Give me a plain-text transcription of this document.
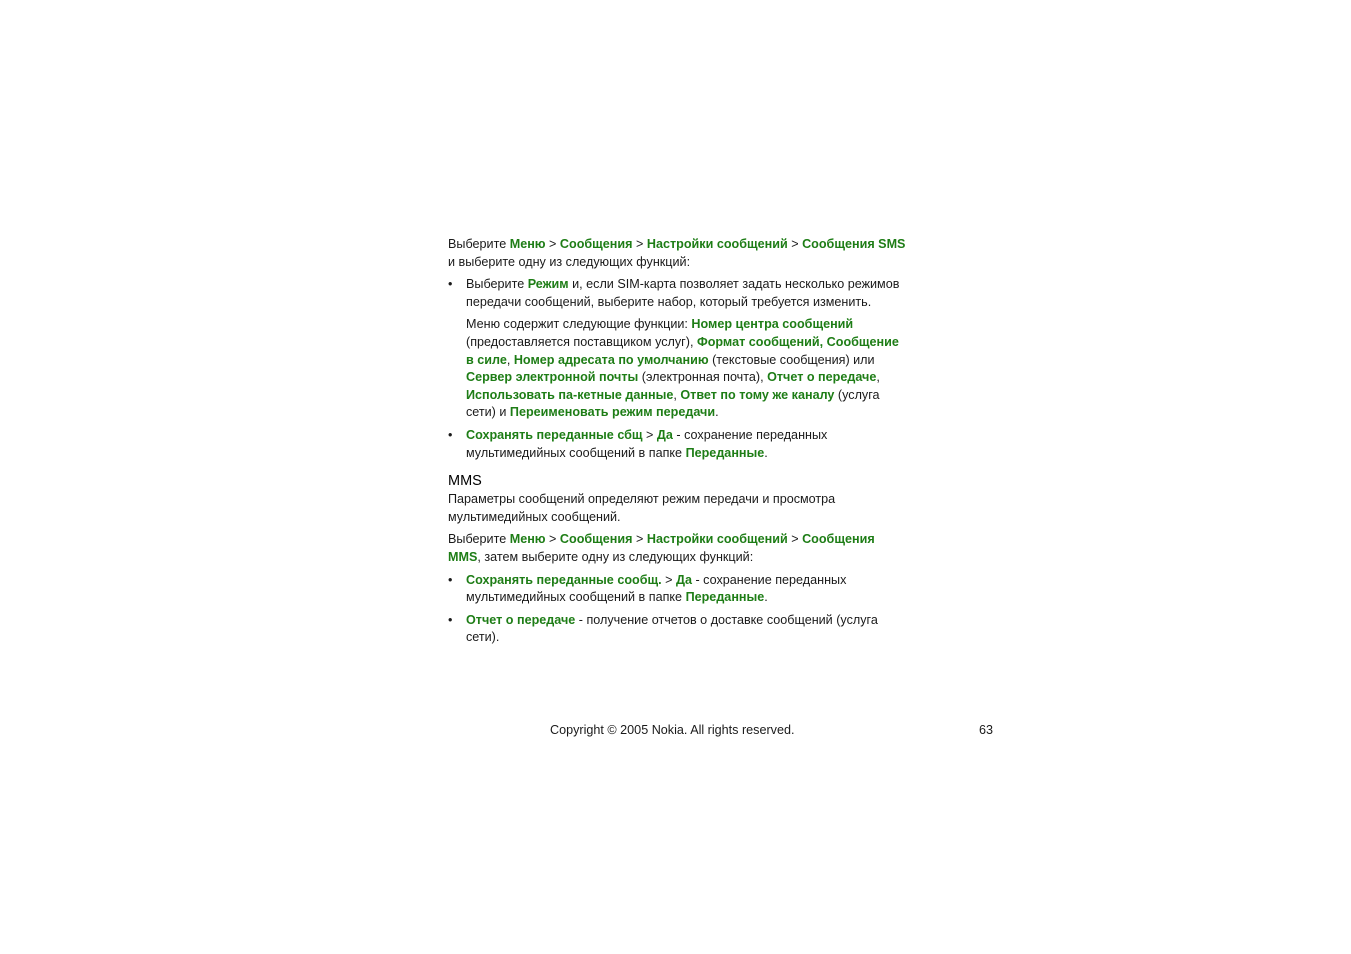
Выберите Меню > Сообщения > Настройки сообщений > Сообщения SMS и выберите одну из следующих функций:

• Выберите Режим и, если SIM-карта позволяет задать несколько режимов передачи сообщений, выберите набор, который требуется изменить.

Меню содержит следующие функции: Номер центра сообщений (предоставляется поставщиком услуг), Формат сообщений, Сообщение в силе, Номер адресата по умолчанию (текстовые сообщения) или Сервер электронной почты (электронная почта), Отчет о передаче, Использовать па-кетные данные, Ответ по тому же каналу (услуга сети) и Переименовать режим передачи.

• Сохранять переданные сбщ > Да - сохранение переданных мультимедийных сообщений в папке Переданные.

MMS

Параметры сообщений определяют режим передачи и просмотра мультимедийных сообщений.

Выберите Меню > Сообщения > Настройки сообщений > Сообщения MMS, затем выберите одну из следующих функций:

• Сохранять переданные сообщ. > Да - сохранение переданных мультимедийных сообщений в папке Переданные.

• Отчет о передаче - получение отчетов о доставке сообщений (услуга сети).

Copyright © 2005 Nokia. All rights reserved.	63
